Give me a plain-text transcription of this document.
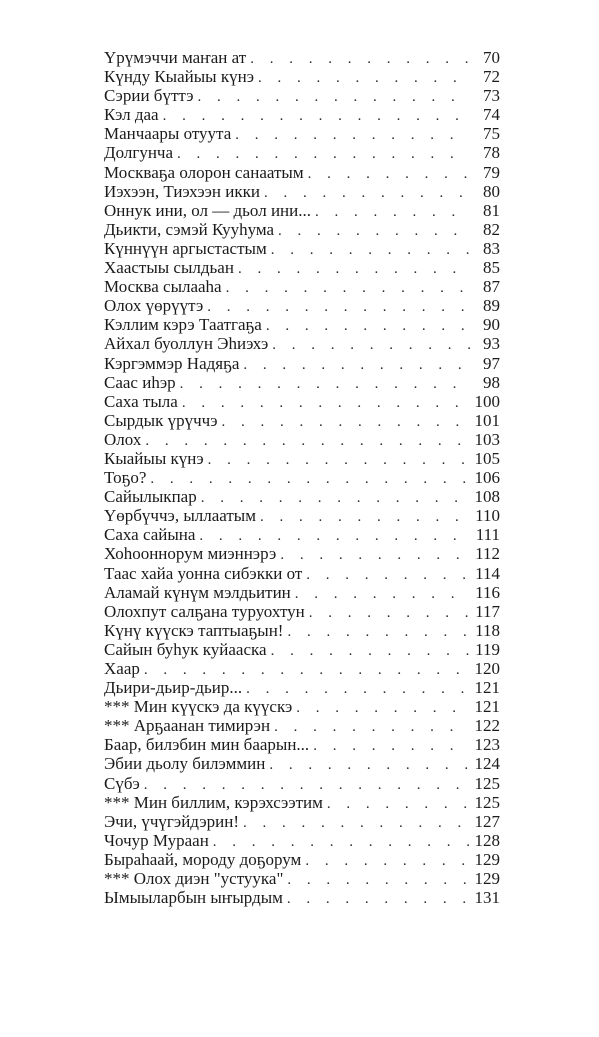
Үрүмэччи маҥан ат . . .	70
Күнду Кыайыы күнэ . . .	72
Сэрии бүттэ . . .	73
Кэл даа . . .	74
Манчаары отуута . . .	75
Долгунча . . .	78
Москваҕа олорон санаатым . . .	79
Иэхээн, Тиэхээн икки . . .	80
Оннук ини, ол — дьол ини... . . .	81
Дьикти, сэмэй Кууһума . . .	82
Күннүүн аргыстастым . . .	83
Хаастыы сылдьан . . .	85
Москва сылааһа . . .	87
Олох үөрүүтэ . . .	89
Кэллим кэрэ Таатгаҕа . . .	90
Айхал буоллун Эһиэхэ . . .	93
Кэргэммэр Надяҕа . . .	97
Саас иһэр . . .	98
Саха тыла . . .	100
Сырдык үрүччэ . . .	101
Олох . . .	103
Кыайыы күнэ . . .	105
Тоҕо? . . .	106
Сайылыкпар . . .	108
Үөрбүччэ, ыллаатым . . .	110
Саха сайына . . .	111
Хоһооннорум миэннэрэ . . .	112
Таас хайа уонна сибэкки от . . .	114
Аламай күнүм мэлдьитин . . .	116
Олохпут салҕана туруохтун . . .	117
Күнү күүскэ таптыаҕын! . . .	118
Сайын буһук куйааска . . .	119
Хаар . . .	120
Дьири-дьир-дьир... . . .	121
*** Мин күүскэ да күүскэ . . .	121
*** Арҕаанан тимирэн . . .	122
Баар, билэбин мин баарын... . . .	123
Эбии дьолу билэммин . . .	124
Сүбэ . . .	125
*** Мин биллим, кэрэхсээтим . . .	125
Эчи, үчүгэйдэрин! . . .	127
Чочур Мураан . . .	128
Быраһаай, мороду доҕорум . . .	129
*** Олох диэн "устуука" . . .	129
Ымыыларбын ыҥырдым . . .	131
